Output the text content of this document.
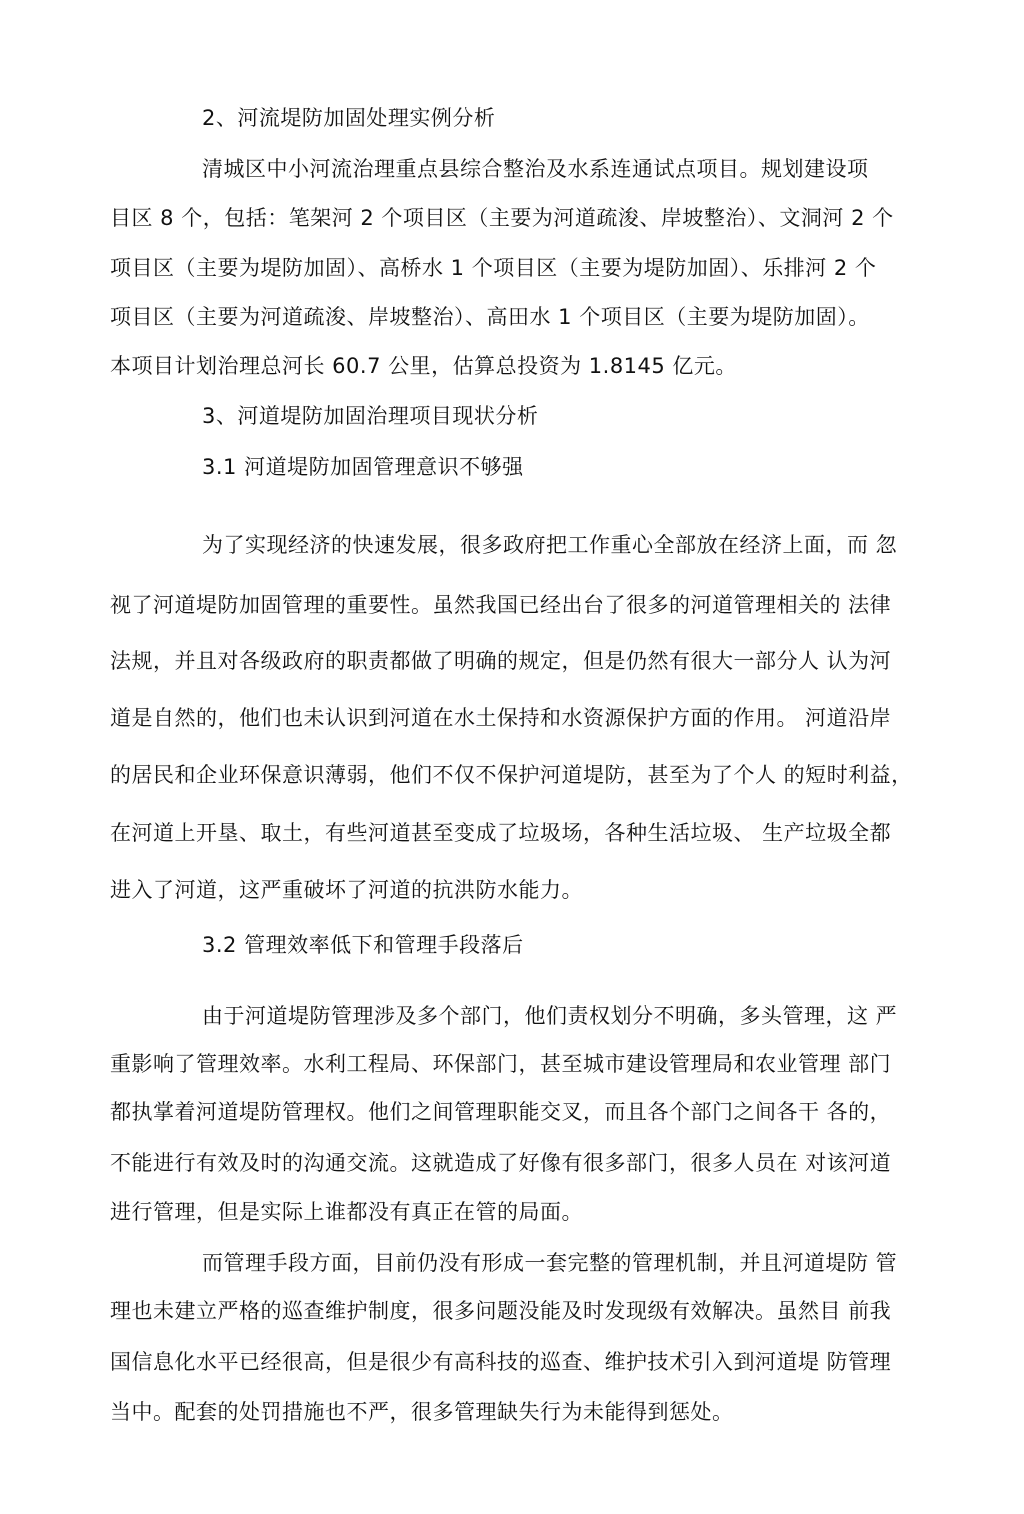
2、河流堤防加固处理实例分析
清城区中小河流治理重点县综合整治及水系连通试点项目。规划建设项
目区 8 个，包括：笔架河 2 个项目区（主要为河道疏浚、岸坡整治）、文洞河 2 个
项目区（主要为堤防加固）、高桥水 1 个项目区（主要为堤防加固）、乐排河 2 个
项目区（主要为河道疏浚、岸坡整治）、高田水 1 个项目区（主要为堤防加固）。
本项目计划治理总河长 60.7 公里，估算总投资为 1.8145 亿元。
3、河道堤防加固治理项目现状分析
3.1 河道堤防加固管理意识不够强
为了实现经济的快速发展，很多政府把工作重心全部放在经济上面，而 忽
视了河道堤防加固管理的重要性。虽然我国已经出台了很多的河道管理相关的 法律
法规，并且对各级政府的职责都做了明确的规定，但是仍然有很大一部分人 认为河
道是自然的，他们也未认识到河道在水土保持和水资源保护方面的作用。 河道沿岸
的居民和企业环保意识薄弱，他们不仅不保护河道堤防，甚至为了个人 的短时利益，
在河道上开垦、取土，有些河道甚至变成了垃圾场，各种生活垃圾、 生产垃圾全都
进入了河道，这严重破坏了河道的抗洪防水能力。
3.2 管理效率低下和管理手段落后
由于河道堤防管理涉及多个部门，他们责权划分不明确，多头管理，这 严
重影响了管理效率。水利工程局、环保部门，甚至城市建设管理局和农业管理 部门
都执掌着河道堤防管理权。他们之间管理职能交叉，而且各个部门之间各干 各的，
不能进行有效及时的沟通交流。这就造成了好像有很多部门，很多人员在 对该河道
进行管理，但是实际上谁都没有真正在管的局面。
而管理手段方面，目前仍没有形成一套完整的管理机制，并且河道堤防 管
理也未建立严格的巡查维护制度，很多问题没能及时发现级有效解决。虽然目 前我
国信息化水平已经很高，但是很少有高科技的巡查、维护技术引入到河道堤 防管理
当中。配套的处罚措施也不严，很多管理缺失行为未能得到惩处。
